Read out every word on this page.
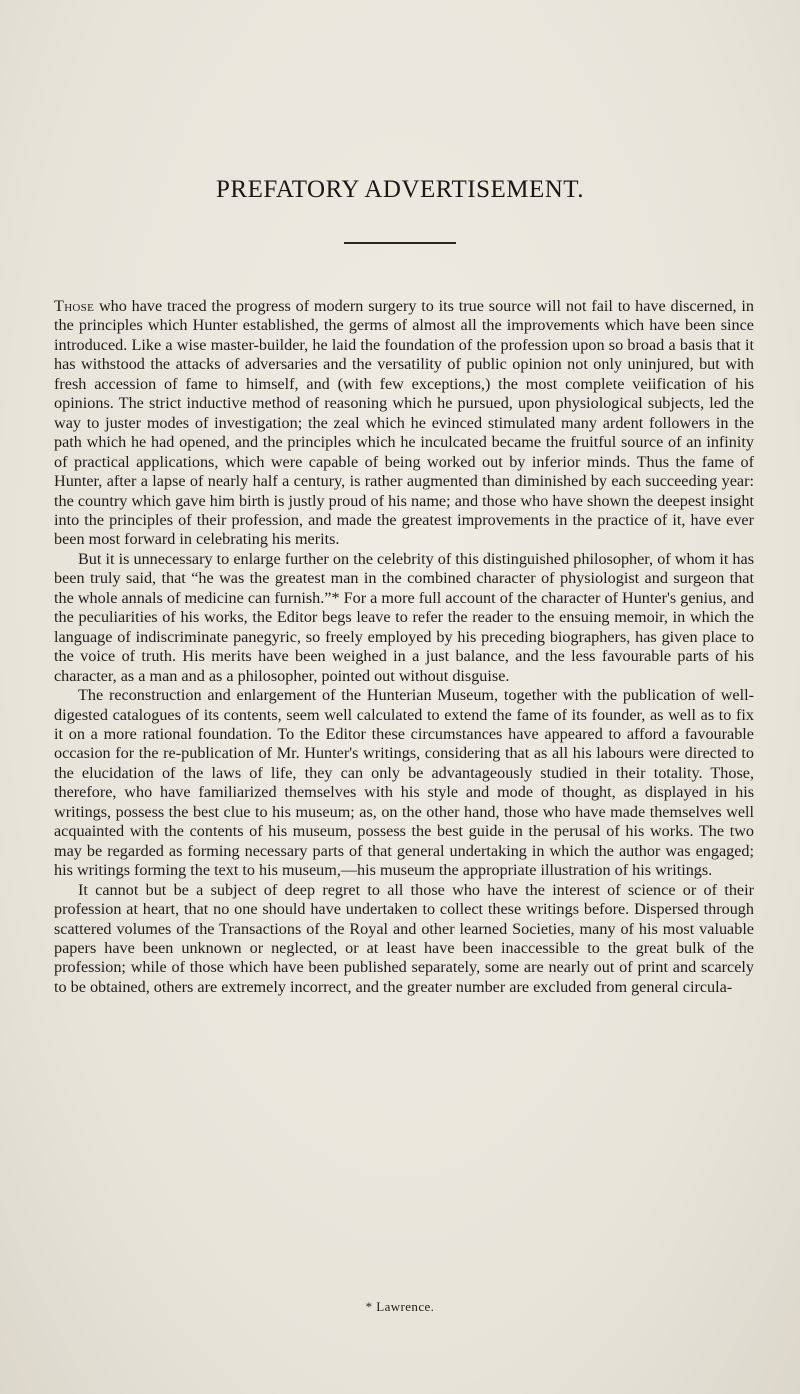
PREFATORY ADVERTISEMENT.

Those who have traced the progress of modern surgery to its true source will not fail to have discerned, in the principles which Hunter established, the germs of almost all the improvements which have been since introduced. Like a wise master-builder, he laid the foundation of the profession upon so broad a basis that it has withstood the attacks of adversaries and the versatility of public opinion not only uninjured, but with fresh accession of fame to himself, and (with few exceptions,) the most complete veiification of his opinions. The strict inductive method of reasoning which he pursued, upon physiological subjects, led the way to juster modes of investigation; the zeal which he evinced stimulated many ardent followers in the path which he had opened, and the principles which he inculcated became the fruitful source of an infinity of practical applications, which were capable of being worked out by inferior minds. Thus the fame of Hunter, after a lapse of nearly half a century, is rather augmented than diminished by each succeeding year: the country which gave him birth is justly proud of his name; and those who have shown the deepest insight into the principles of their profession, and made the greatest improvements in the practice of it, have ever been most forward in celebrating his merits.

But it is unnecessary to enlarge further on the celebrity of this distinguished philosopher, of whom it has been truly said, that “he was the greatest man in the combined character of physiologist and surgeon that the whole annals of medicine can furnish.”* For a more full account of the character of Hunter's genius, and the peculiarities of his works, the Editor begs leave to refer the reader to the ensuing memoir, in which the language of indiscriminate panegyric, so freely employed by his preceding biographers, has given place to the voice of truth. His merits have been weighed in a just balance, and the less favourable parts of his character, as a man and as a philosopher, pointed out without disguise.

The reconstruction and enlargement of the Hunterian Museum, together with the publication of well-digested catalogues of its contents, seem well calculated to extend the fame of its founder, as well as to fix it on a more rational foundation. To the Editor these circumstances have appeared to afford a favourable occasion for the re-publication of Mr. Hunter's writings, considering that as all his labours were directed to the elucidation of the laws of life, they can only be advantageously studied in their totality. Those, therefore, who have familiarized themselves with his style and mode of thought, as displayed in his writings, possess the best clue to his museum; as, on the other hand, those who have made themselves well acquainted with the contents of his museum, possess the best guide in the perusal of his works. The two may be regarded as forming necessary parts of that general undertaking in which the author was engaged; his writings forming the text to his museum,—his museum the appropriate illustration of his writings.

It cannot but be a subject of deep regret to all those who have the interest of science or of their profession at heart, that no one should have undertaken to collect these writings before. Dispersed through scattered volumes of the Transactions of the Royal and other learned Societies, many of his most valuable papers have been unknown or neglected, or at least have been inaccessible to the great bulk of the profession; while of those which have been published separately, some are nearly out of print and scarcely to be obtained, others are extremely incorrect, and the greater number are excluded from general circula-

* Lawrence.
